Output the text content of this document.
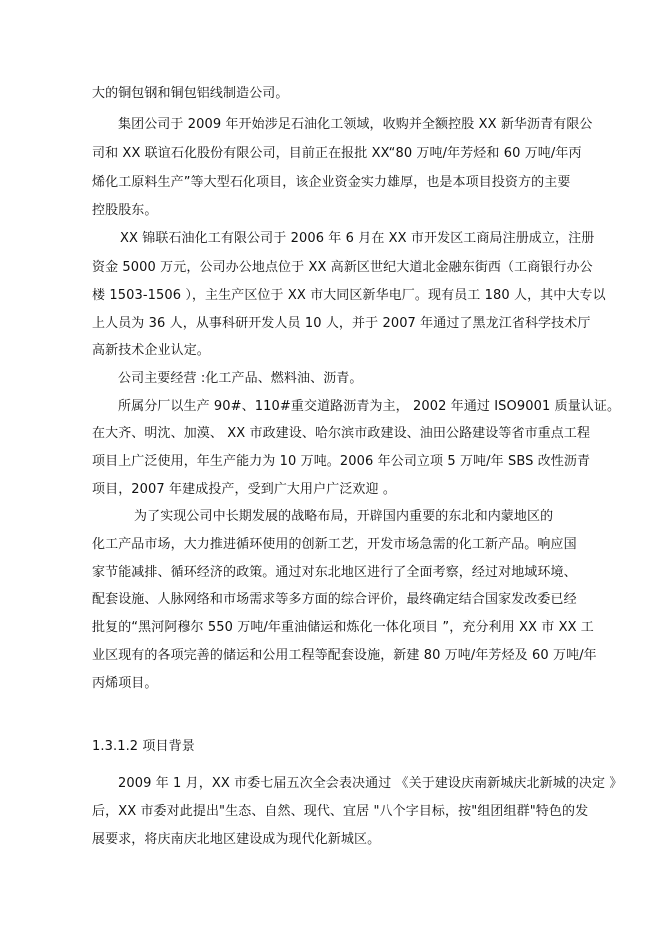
大的铜包钢和铜包铝线制造公司。
集团公司于 2009 年开始涉足石油化工领域，收购并全额控股 XX 新华沥青有限公
司和 XX 联谊石化股份有限公司，目前正在报批 XX“80 万吨/年芳烃和 60 万吨/年丙
烯化工原料生产”等大型石化项目，该企业资金实力雄厚，也是本项目投资方的主要
控股股东。
XX 锦联石油化工有限公司于 2006 年 6 月在 XX 市开发区工商局注册成立，注册
资金 5000 万元，公司办公地点位于 XX 高新区世纪大道北金融东街西（工商银行办公
楼 1503-1506 ），主生产区位于 XX 市大同区新华电厂。现有员工 180 人，其中大专以
上人员为 36 人，从事科研开发人员 10 人，并于 2007 年通过了黑龙江省科学技术厅
高新技术企业认定。
公司主要经营 :化工产品、燃料油、沥青。
所属分厂以生产 90#、110#重交道路沥青为主， 2002 年通过 ISO9001 质量认证。
在大齐、明沈、加漠、 XX 市政建设、哈尔滨市政建设、油田公路建设等省市重点工程
项目上广泛使用，年生产能力为 10 万吨。2006 年公司立项 5 万吨/年 SBS 改性沥青
项目，2007 年建成投产，受到广大用户广泛欢迎 。
为了实现公司中长期发展的战略布局，开辟国内重要的东北和内蒙地区的
化工产品市场，大力推进循环使用的创新工艺，开发市场急需的化工新产品。响应国
家节能减排、循环经济的政策。通过对东北地区进行了全面考察，经过对地域环境、
配套设施、人脉网络和市场需求等多方面的综合评价，最终确定结合国家发改委已经
批复的“黑河阿穆尔 550 万吨/年重油储运和炼化一体化项目 ”，充分利用 XX 市 XX 工
业区现有的各项完善的储运和公用工程等配套设施，新建 80 万吨/年芳烃及 60 万吨/年
丙烯项目。
1.3.1.2 项目背景
2009 年 1 月，XX 市委七届五次全会表决通过 《关于建设庆南新城庆北新城的决定 》
后，XX 市委对此提出"生态、自然、现代、宜居 "八个字目标，按"组团组群"特色的发
展要求，将庆南庆北地区建设成为现代化新城区。
